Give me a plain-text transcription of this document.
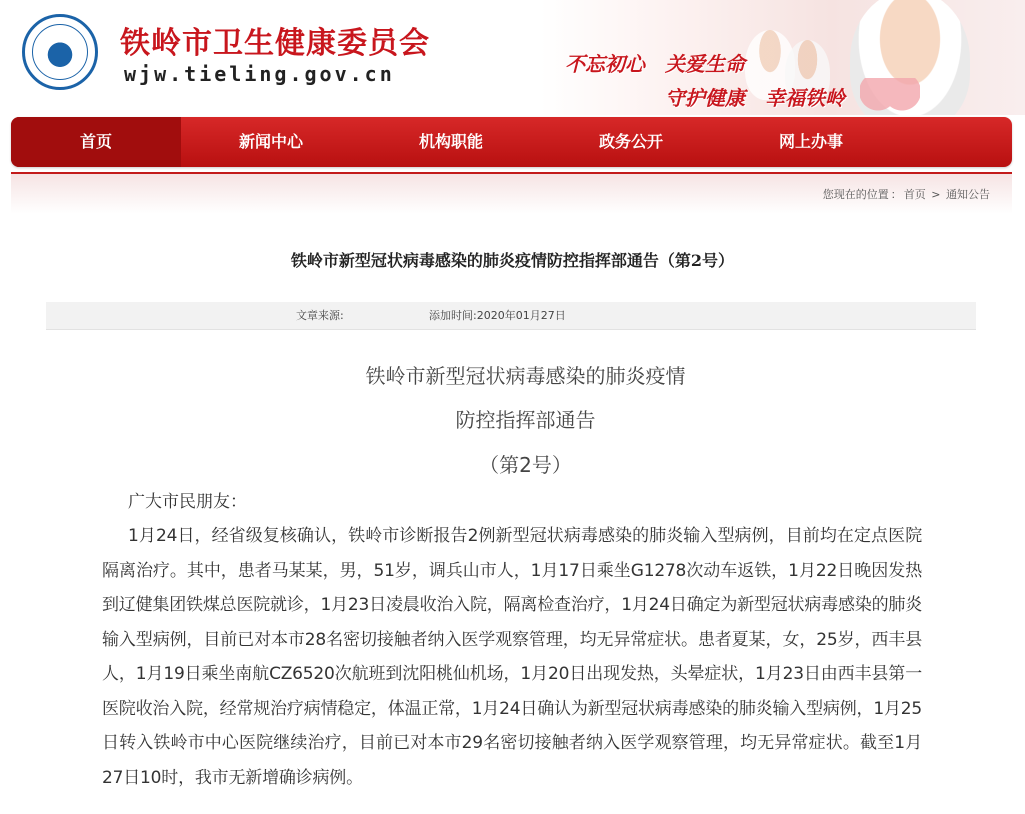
铁岭市卫生健康委员会
wjw.tieling.gov.cn	不忘初心 关爱生命
守护健康 幸福铁岭
首页	新闻中心	机构职能	政务公开	网上办事
您现在的位置 ： 首页 > 通知公告
铁岭市新型冠状病毒感染的肺炎疫情防控指挥部通告（第2号）
文章来源:	添加时间:2020年01月27日
铁岭市新型冠状病毒感染的肺炎疫情
防控指挥部通告
（第2号）
广大市民朋友：
1月24日，经省级复核确认，铁岭市诊断报告2例新型冠状病毒感染的肺炎输入型病例，目前均在定点医院隔离治疗。其中，患者马某某，男，51岁，调兵山市人，1月17日乘坐G1278次动车返铁，1月22日晚因发热到辽健集团铁煤总医院就诊，1月23日凌晨收治入院，隔离检查治疗，1月24日确定为新型冠状病毒感染的肺炎输入型病例，目前已对本市28名密切接触者纳入医学观察管理，均无异常症状。患者夏某，女，25岁，西丰县人，1月19日乘坐南航CZ6520次航班到沈阳桃仙机场，1月20日出现发热，头晕症状，1月23日由西丰县第一医院收治入院，经常规治疗病情稳定，体温正常，1月24日确认为新型冠状病毒感染的肺炎输入型病例，1月25日转入铁岭市中心医院继续治疗，目前已对本市29名密切接触者纳入医学观察管理，均无异常症状。截至1月27日10时，我市无新增确诊病例。
